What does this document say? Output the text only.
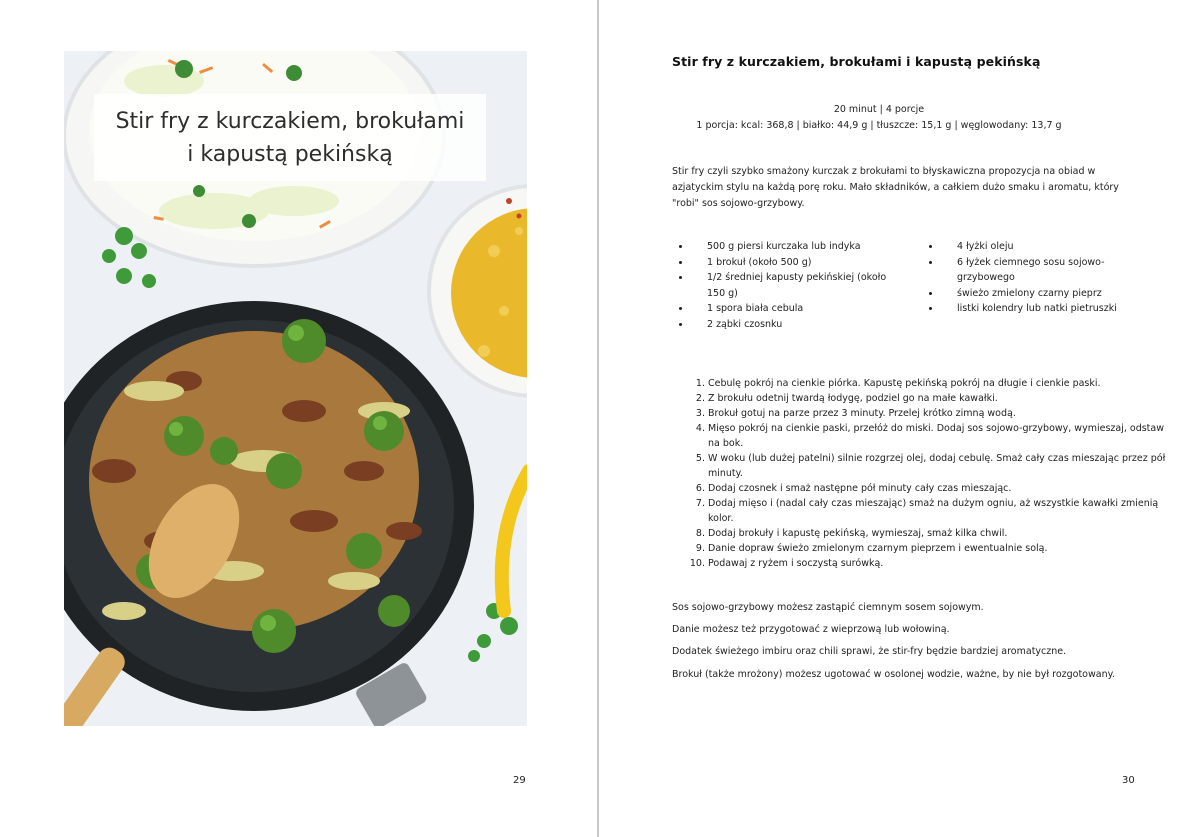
Stir fry z kurczakiem, brokułami
i kapustą pekińską
29
Stir fry z kurczakiem, brokułami i kapustą pekińską
20 minut | 4 porcje
1 porcja: kcal: 368,8 | białko: 44,9 g | tłuszcze: 15,1 g | węglowodany: 13,7 g

Stir fry czyli szybko smażony kurczak z brokułami to błyskawiczna propozycja na obiad w azjatyckim stylu na każdą porę roku. Mało składników, a całkiem dużo smaku i aromatu, który "robi" sos sojowo-grzybowy.

• 500 g piersi kurczaka lub indyka
• 1 brokuł (około 500 g)
• 1/2 średniej kapusty pekińskiej (około 150 g)
• 1 spora biała cebula
• 2 ząbki czosnku
• 4 łyżki oleju
• 6 łyżek ciemnego sosu sojowo-grzybowego
• świeżo zmielony czarny pieprz
• listki kolendry lub natki pietruszki
1. Cebulę pokrój na cienkie piórka. Kapustę pekińską pokrój na długie i cienkie paski.
2. Z brokułu odetnij twardą łodygę, podziel go na małe kawałki.
3. Brokuł gotuj na parze przez 3 minuty. Przelej krótko zimną wodą.
4. Mięso pokrój na cienkie paski, przełóż do miski. Dodaj sos sojowo-grzybowy, wymieszaj, odstaw na bok.
5. W woku (lub dużej patelni) silnie rozgrzej olej, dodaj cebulę. Smaż cały czas mieszając przez pół minuty.
6. Dodaj czosnek i smaż następne pół minuty cały czas mieszając.
7. Dodaj mięso i (nadal cały czas mieszając) smaż na dużym ogniu, aż wszystkie kawałki zmienią kolor.
8. Dodaj brokuły i kapustę pekińską, wymieszaj, smaż kilka chwil.
9. Danie dopraw świeżo zmielonym czarnym pieprzem i ewentualnie solą.
10. Podawaj z ryżem i soczystą surówką.

Sos sojowo-grzybowy możesz zastąpić ciemnym sosem sojowym.

Danie możesz też przygotować z wieprzową lub wołowiną.

Dodatek świeżego imbiru oraz chili sprawi, że stir-fry będzie bardziej aromatyczne.

Brokuł (także mrożony) możesz ugotować w osolonej wodzie, ważne, by nie był rozgotowany.

30
